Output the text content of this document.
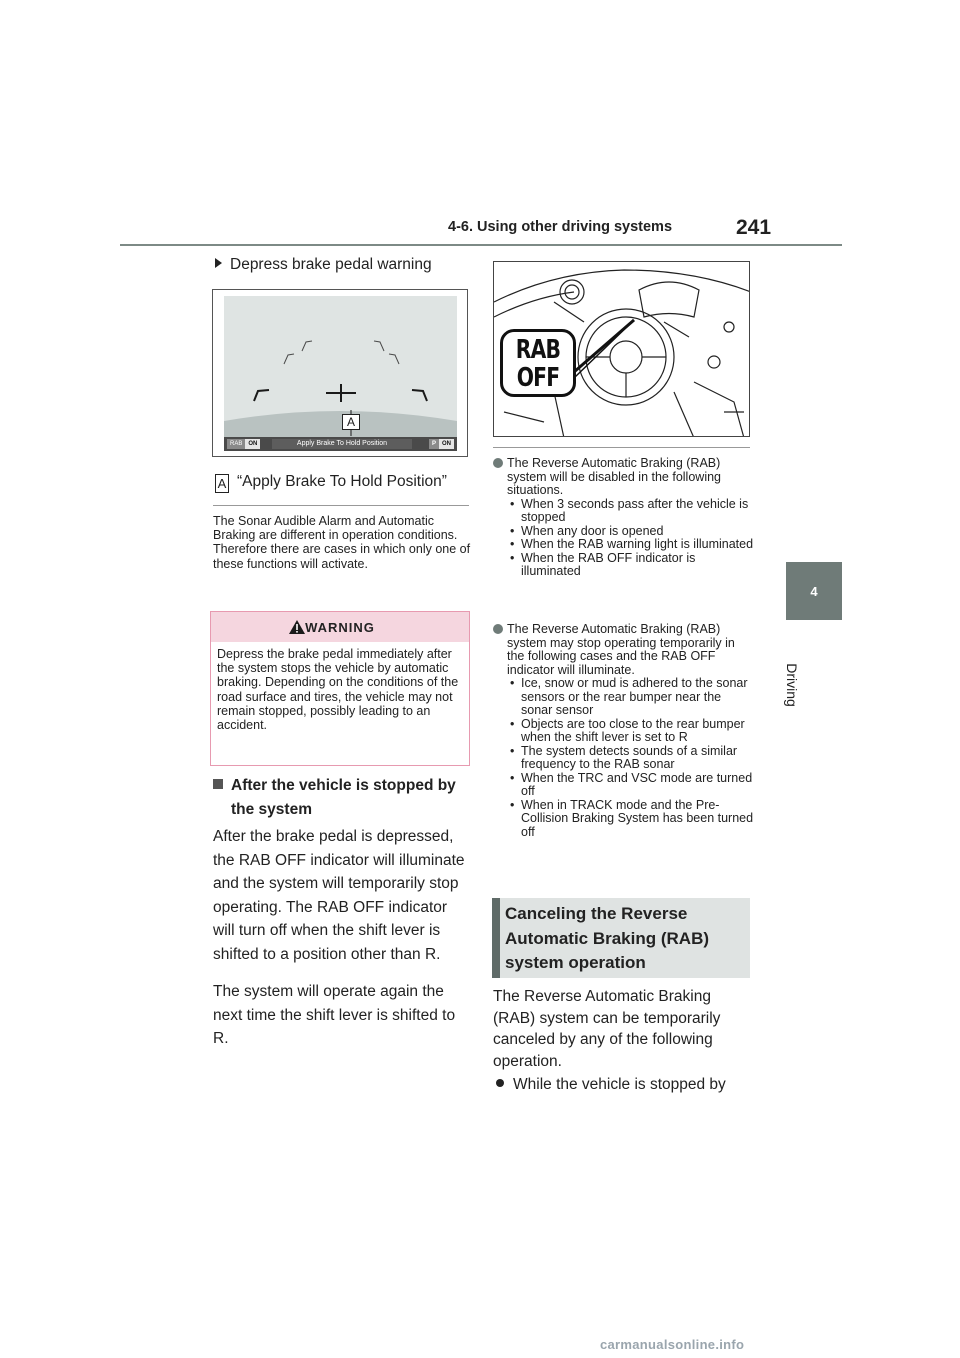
4-6. Using other driving systems	241
4
Driving
Depress brake pedal warning
A
RAB	ON	Apply Brake To Hold Position	P	ON
A “Apply Brake To Hold Position”
The Sonar Audible Alarm and Automatic Braking are different in operation conditions. Therefore there are cases in which only one of these functions will activate.
WARNING
Depress the brake pedal immediately after the system stops the vehicle by automatic braking. Depending on the conditions of the road surface and tires, the vehicle may not remain stopped, possibly leading to an accident.
After the vehicle is stopped by
the system
After the brake pedal is depressed, the RAB OFF indicator will illuminate and the system will temporarily stop operating. The RAB OFF indicator will turn off when the shift lever is shifted to a position other than R.
The system will operate again the next time the shift lever is shifted to R.
RAB
OFF
The Reverse Automatic Braking (RAB) system will be disabled in the following situations.
• When 3 seconds pass after the vehicle is stopped
• When any door is opened
• When the RAB warning light is illuminated
• When the RAB OFF indicator is illuminated
The Reverse Automatic Braking (RAB) system may stop operating temporarily in the following cases and the RAB OFF indicator will illuminate.
• Ice, snow or mud is adhered to the sonar sensors or the rear bumper near the sonar sensor
• Objects are too close to the rear bumper when the shift lever is set to R
• The system detects sounds of a similar frequency to the RAB sonar
• When the TRC and VSC mode are turned off
• When in TRACK mode and the Pre-Collision Braking System has been turned off
Canceling the Reverse Automatic Braking (RAB) system operation
The Reverse Automatic Braking (RAB) system can be temporarily canceled by any of the following operation.
While the vehicle is stopped by
carmanualsonline.info
